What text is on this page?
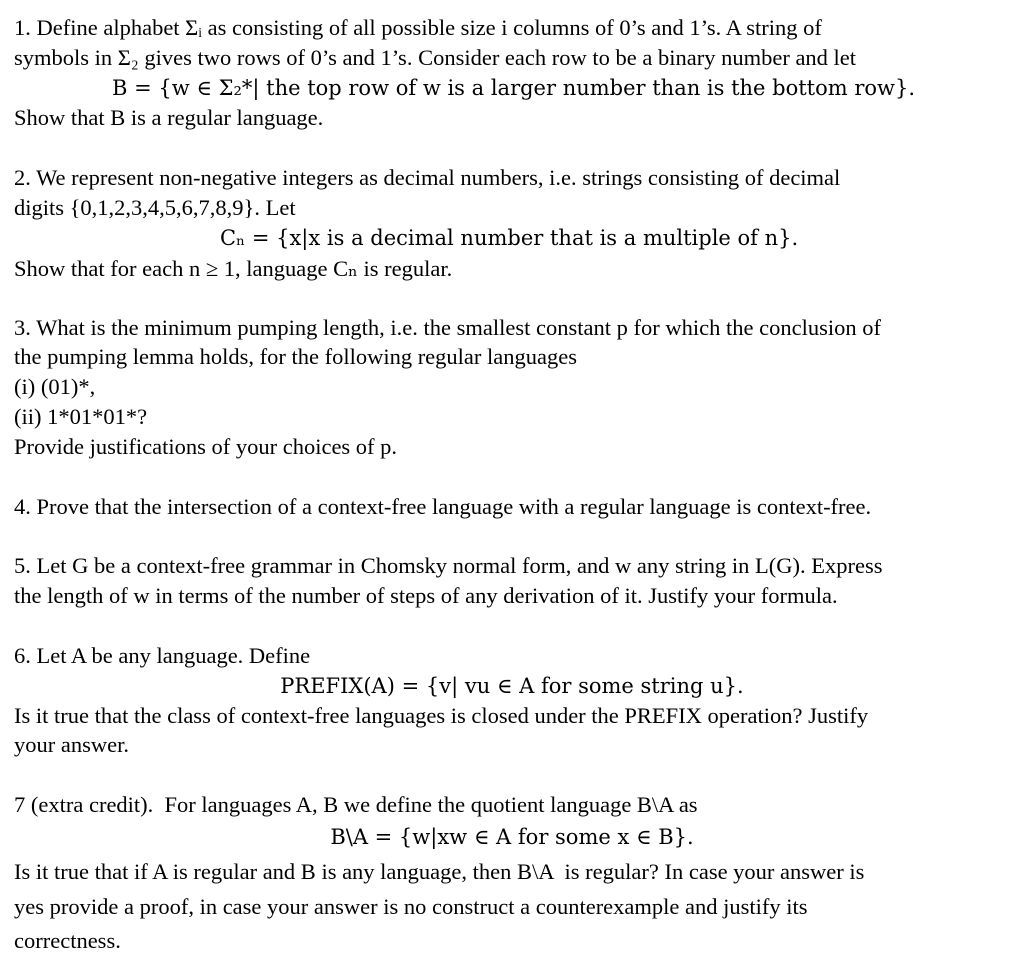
1. Define alphabet Σᵢ as consisting of all possible size i columns of 0’s and 1’s. A string of
symbols in Σ₂ gives two rows of 0’s and 1’s. Consider each row to be a binary number and let
B = {w ∈ Σ₂*| the top row of w is a larger number than is the bottom row}.
Show that B is a regular language.
2. We represent non-negative integers as decimal numbers, i.e. strings consisting of decimal
digits {0,1,2,3,4,5,6,7,8,9}. Let
Cₙ = {x|x is a decimal number that is a multiple of n}.
Show that for each n ≥ 1, language Cₙ is regular.
3. What is the minimum pumping length, i.e. the smallest constant p for which the conclusion of
the pumping lemma holds, for the following regular languages
(i) (01)*,
(ii) 1*01*01*?
Provide justifications of your choices of p.
4. Prove that the intersection of a context-free language with a regular language is context-free.
5. Let G be a context-free grammar in Chomsky normal form, and w any string in L(G). Express
the length of w in terms of the number of steps of any derivation of it. Justify your formula.
6. Let A be any language. Define
PREFIX(A) = {v| vu ∈ A for some string u}.
Is it true that the class of context-free languages is closed under the PREFIX operation? Justify
your answer.
7 (extra credit).  For languages A, B we define the quotient language B\A as
B\A = {w|xw ∈ A for some x ∈ B}.
Is it true that if A is regular and B is any language, then B\A  is regular? In case your answer is
yes provide a proof, in case your answer is no construct a counterexample and justify its
correctness.
